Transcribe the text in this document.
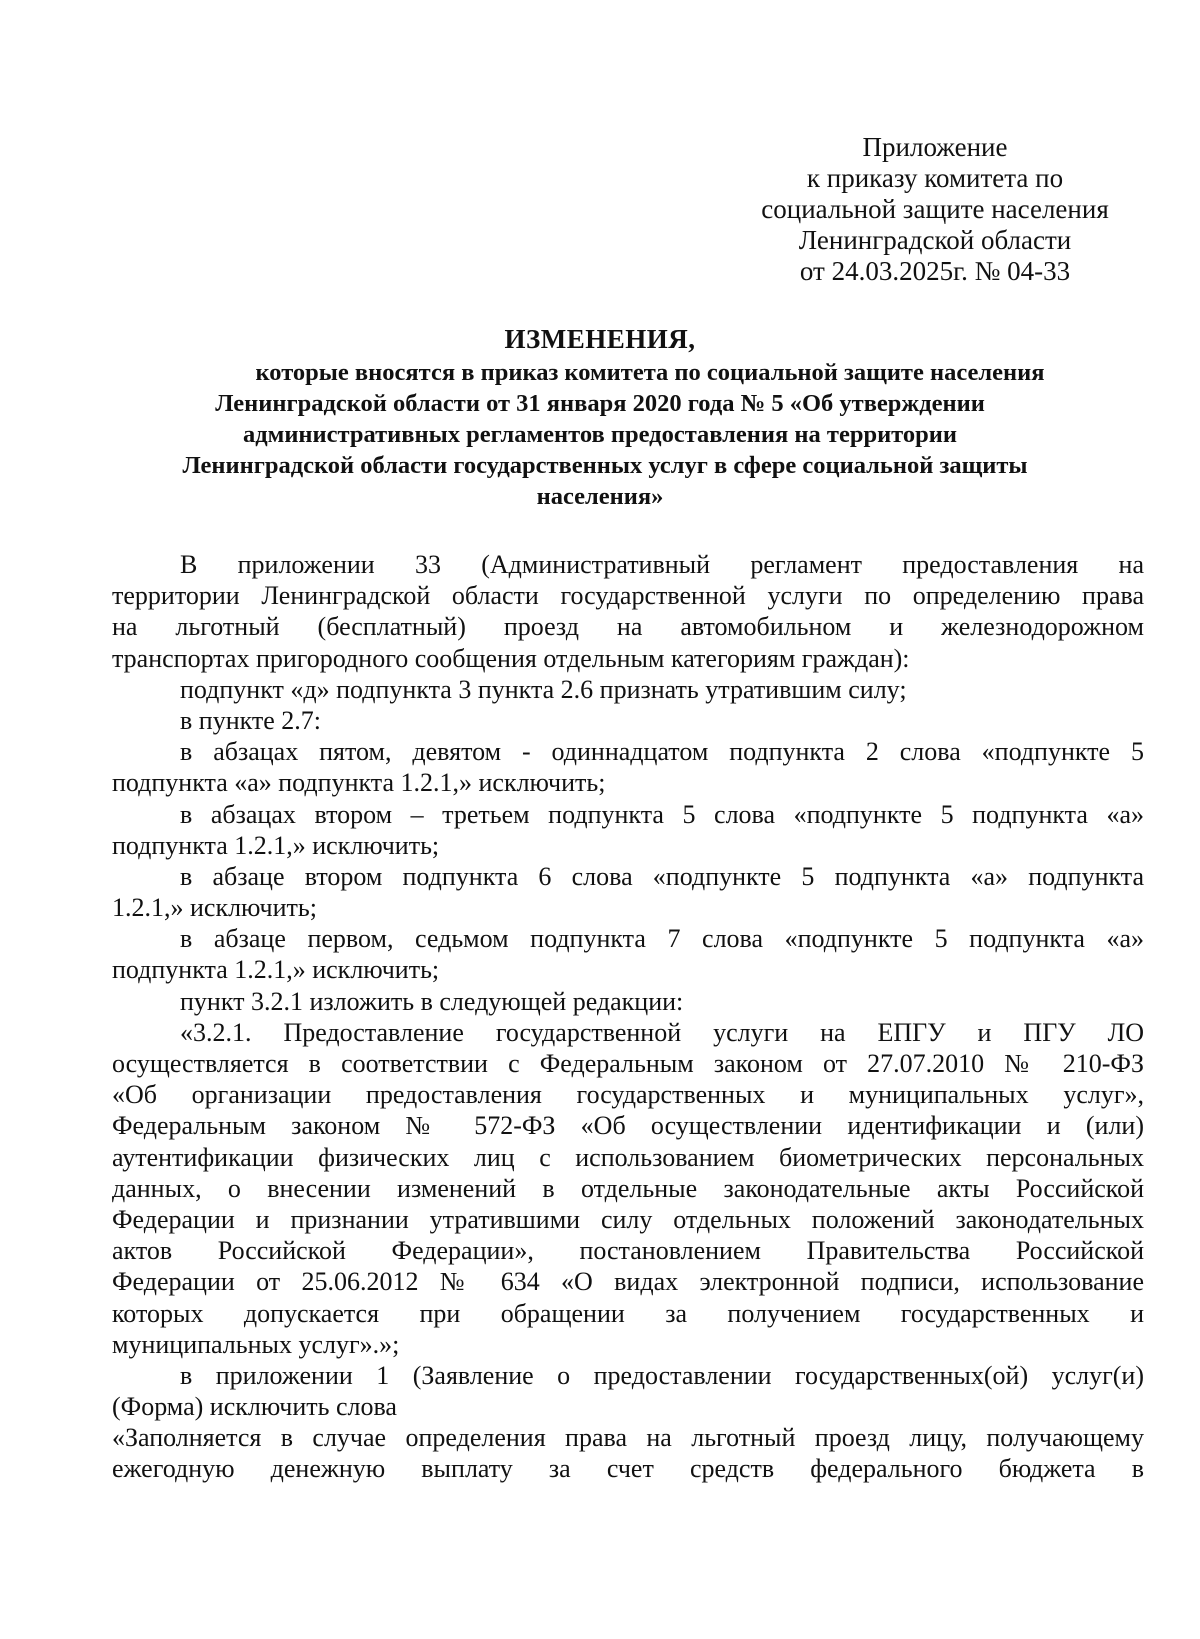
Приложение
к приказу комитета по
социальной защите населения
Ленинградской области
от 24.03.2025г. № 04-33
ИЗМЕНЕНИЯ,
которые вносятся в приказ комитета по социальной защите населения
Ленинградской области от 31 января 2020 года № 5 «Об утверждении
административных регламентов предоставления на территории
Ленинградской области государственных услуг в сфере социальной защиты
населения»
В приложении 33 (Административный регламент предоставления на
территории Ленинградской области государственной услуги по определению права
на льготный (бесплатный) проезд на автомобильном и железнодорожном
транспортах пригородного сообщения отдельным категориям граждан):
подпункт «д» подпункта 3 пункта 2.6 признать утратившим силу;
в пункте 2.7:
в абзацах пятом, девятом - одиннадцатом подпункта 2 слова «подпункте 5
подпункта «а» подпункта 1.2.1,» исключить;
в абзацах втором – третьем подпункта 5 слова «подпункте 5 подпункта «а»
подпункта 1.2.1,» исключить;
в абзаце втором подпункта 6 слова «подпункте 5 подпункта «а» подпункта
1.2.1,» исключить;
в абзаце первом, седьмом подпункта 7 слова «подпункте 5 подпункта «а»
подпункта 1.2.1,» исключить;
пункт 3.2.1 изложить в следующей редакции:
«3.2.1. Предоставление государственной услуги на ЕПГУ и ПГУ ЛО
осуществляется в соответствии с Федеральным законом от 27.07.2010 № 210-ФЗ
«Об организации предоставления государственных и муниципальных услуг»,
Федеральным законом № 572-ФЗ «Об осуществлении идентификации и (или)
аутентификации физических лиц с использованием биометрических персональных
данных, о внесении изменений в отдельные законодательные акты Российской
Федерации и признании утратившими силу отдельных положений законодательных
актов Российской Федерации», постановлением Правительства Российской
Федерации от 25.06.2012 № 634 «О видах электронной подписи, использование
которых допускается при обращении за получением государственных и
муниципальных услуг».»;
в приложении 1 (Заявление о предоставлении государственных(ой) услуг(и)
(Форма) исключить слова
«Заполняется в случае определения права на льготный проезд лицу, получающему
ежегодную денежную выплату за счет средств федерального бюджета в
